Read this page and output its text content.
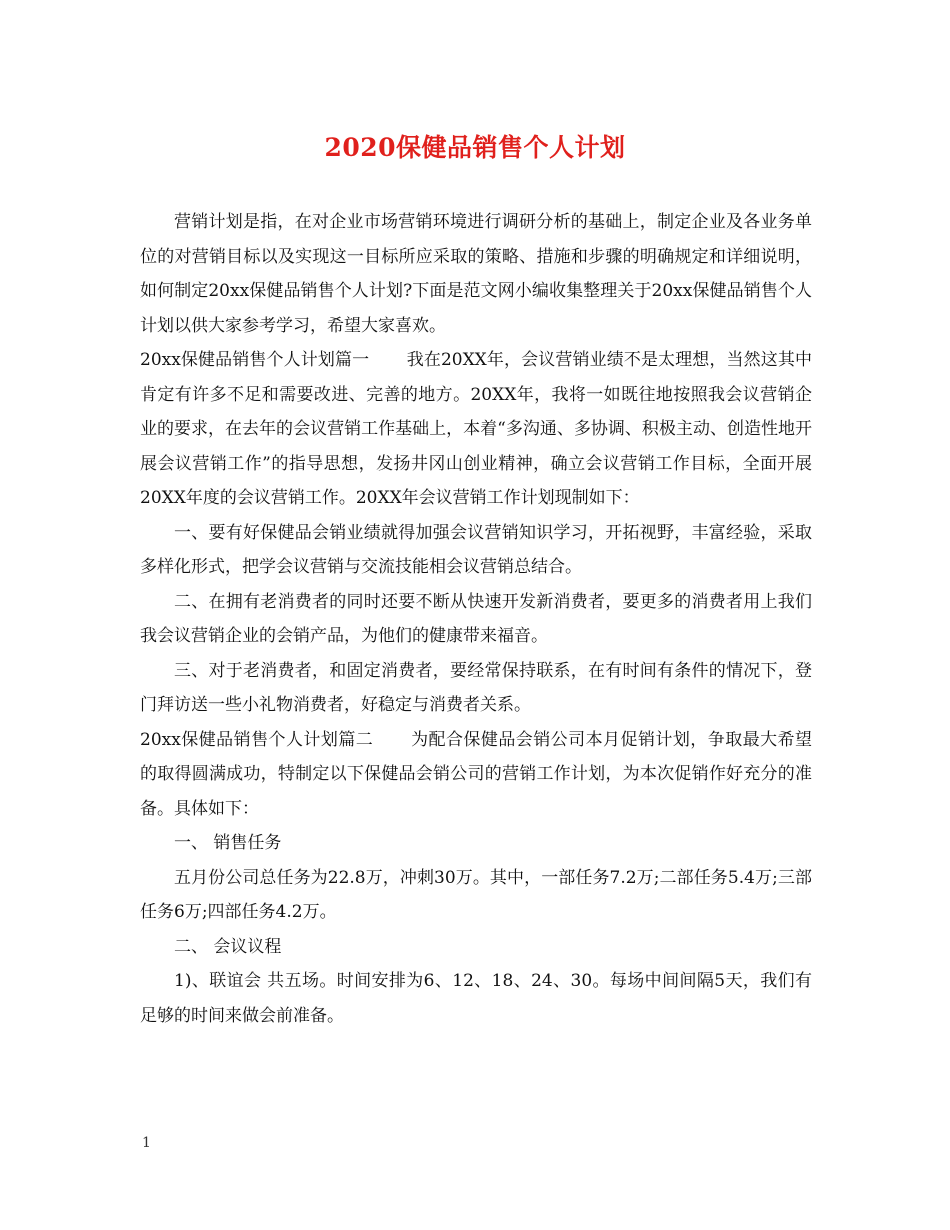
2020保健品销售个人计划

营销计划是指，在对企业市场营销环境进行调研分析的基础上，制定企业及各业务单位的对营销目标以及实现这一目标所应采取的策略、措施和步骤的明确规定和详细说明，如何制定20xx保健品销售个人计划?下面是范文网小编收集整理关于20xx保健品销售个人计划以供大家参考学习，希望大家喜欢。

20xx保健品销售个人计划篇一 我在20XX年，会议营销业绩不是太理想，当然这其中肯定有许多不足和需要改进、完善的地方。20XX年，我将一如既往地按照我会议营销企业的要求，在去年的会议营销工作基础上，本着“多沟通、多协调、积极主动、创造性地开展会议营销工作”的指导思想，发扬井冈山创业精神，确立会议营销工作目标，全面开展20XX年度的会议营销工作。20XX年会议营销工作计划现制如下：

一、要有好保健品会销业绩就得加强会议营销知识学习，开拓视野，丰富经验，采取多样化形式，把学会议营销与交流技能相会议营销总结合。

二、在拥有老消费者的同时还要不断从快速开发新消费者，要更多的消费者用上我们我会议营销企业的会销产品，为他们的健康带来福音。

三、对于老消费者，和固定消费者，要经常保持联系，在有时间有条件的情况下，登门拜访送一些小礼物消费者，好稳定与消费者关系。

20xx保健品销售个人计划篇二 为配合保健品会销公司本月促销计划，争取最大希望的取得圆满成功，特制定以下保健品会销公司的营销工作计划，为本次促销作好充分的准备。具体如下：

一、 销售任务

五月份公司总任务为22.8万，冲刺30万。其中，一部任务7.2万;二部任务5.4万;三部任务6万;四部任务4.2万。

二、 会议议程

1)、联谊会 共五场。时间安排为6、12、18、24、30。每场中间间隔5天，我们有足够的时间来做会前准备。

1
